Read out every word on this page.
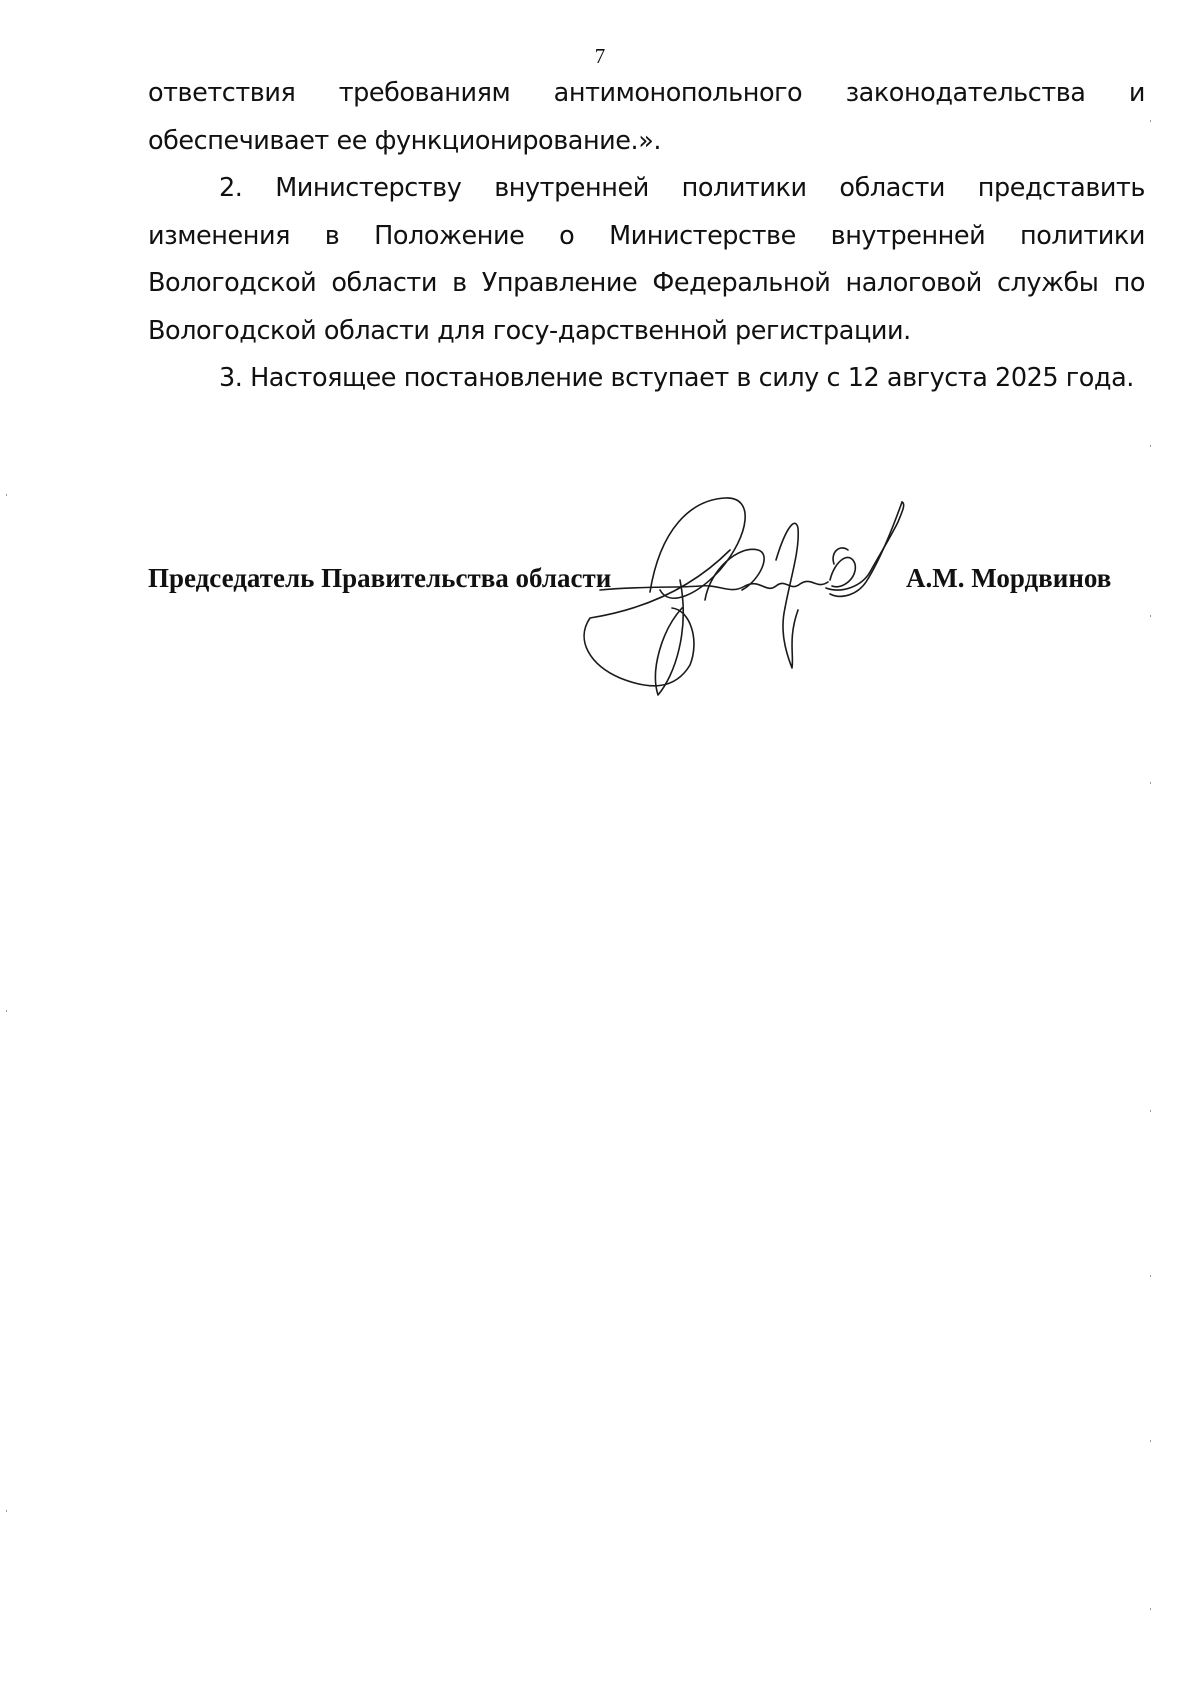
7

ответствия требованиям антимонопольного законодательства и обеспечивает ее функционирование.».

2. Министерству внутренней политики области представить изменения в Положение о Министерстве внутренней политики Вологодской области в Управление Федеральной налоговой службы по Вологодской области для госу-дарственной регистрации.

3. Настоящее постановление вступает в силу с 12 августа 2025 года.

Председатель Правительства области	А.М. Мордвинов
